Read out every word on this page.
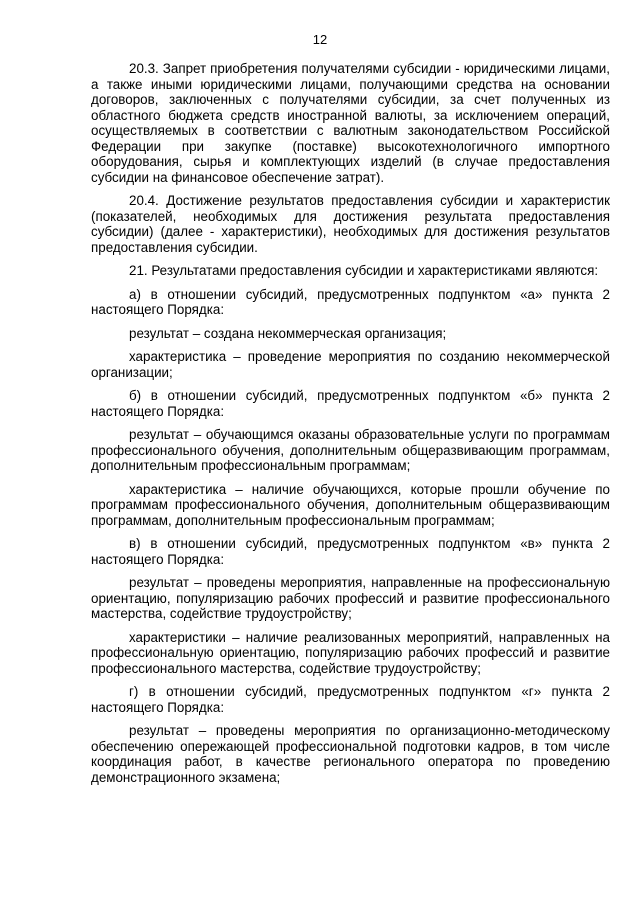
12

20.3. Запрет приобретения получателями субсидии - юридическими лицами, а также иными юридическими лицами, получающими средства на основании договоров, заключенных с получателями субсидии, за счет полученных из областного бюджета средств иностранной валюты, за исключением операций, осуществляемых в соответствии с валютным законодательством Российской Федерации при закупке (поставке) высокотехнологичного импортного оборудования, сырья и комплектующих изделий (в случае предоставления субсидии на финансовое обеспечение затрат).

20.4. Достижение результатов предоставления субсидии и характеристик (показателей, необходимых для достижения результата предоставления субсидии) (далее - характеристики), необходимых для достижения результатов предоставления субсидии.

21. Результатами предоставления субсидии и характеристиками являются:

а) в отношении субсидий, предусмотренных подпунктом «а» пункта 2 настоящего Порядка:

результат – создана некоммерческая организация;

характеристика – проведение мероприятия по созданию некоммерческой организации;

б) в отношении субсидий, предусмотренных подпунктом «б» пункта 2 настоящего Порядка:

результат – обучающимся оказаны образовательные услуги по программам профессионального обучения, дополнительным общеразвивающим программам, дополнительным профессиональным программам;

характеристика – наличие обучающихся, которые прошли обучение по программам профессионального обучения, дополнительным общеразвивающим программам, дополнительным профессиональным программам;

в) в отношении субсидий, предусмотренных подпунктом «в» пункта 2 настоящего Порядка:

результат – проведены мероприятия, направленные на профессиональную ориентацию, популяризацию рабочих профессий и развитие профессионального мастерства, содействие трудоустройству;

характеристики – наличие реализованных мероприятий, направленных на профессиональную ориентацию, популяризацию рабочих профессий и развитие профессионального мастерства, содействие трудоустройству;

г) в отношении субсидий, предусмотренных подпунктом «г» пункта 2 настоящего Порядка:

результат – проведены мероприятия по организационно-методическому обеспечению опережающей профессиональной подготовки кадров, в том числе координация работ, в качестве регионального оператора по проведению демонстрационного экзамена;
